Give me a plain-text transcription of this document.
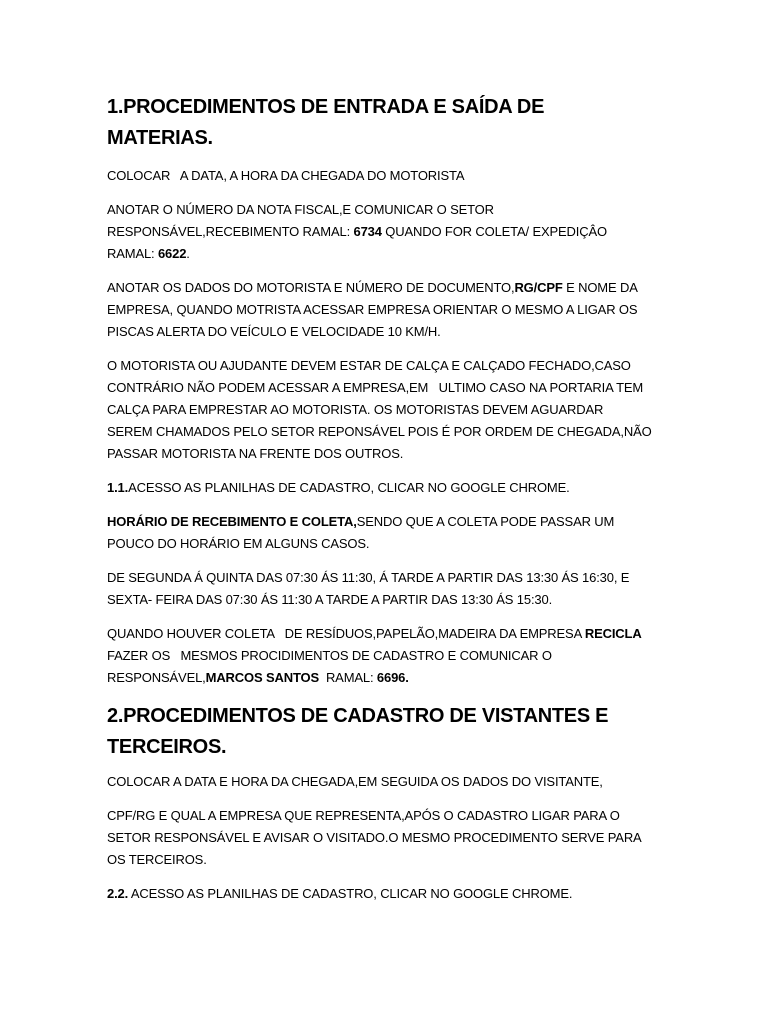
1.PROCEDIMENTOS DE ENTRADA E SAÍDA DE MATERIAS.

COLOCAR   A DATA, A HORA DA CHEGADA DO MOTORISTA

ANOTAR O NÚMERO DA NOTA FISCAL,E COMUNICAR O SETOR RESPONSÁVEL,RECEBIMENTO RAMAL: 6734 QUANDO FOR COLETA/ EXPEDIÇÂO RAMAL: 6622.

ANOTAR OS DADOS DO MOTORISTA E NÚMERO DE DOCUMENTO,RG/CPF E NOME DA EMPRESA, QUANDO MOTRISTA ACESSAR EMPRESA ORIENTAR O MESMO A LIGAR OS PISCAS ALERTA DO VEÍCULO E VELOCIDADE 10 KM/H.

O MOTORISTA OU AJUDANTE DEVEM ESTAR DE CALÇA E CALÇADO FECHADO,CASO CONTRÁRIO NÃO PODEM ACESSAR A EMPRESA,EM   ULTIMO CASO NA PORTARIA TEM CALÇA PARA EMPRESTAR AO MOTORISTA. OS MOTORISTAS DEVEM AGUARDAR   SEREM CHAMADOS PELO SETOR REPONSÁVEL POIS É POR ORDEM DE CHEGADA,NÃO PASSAR MOTORISTA NA FRENTE DOS OUTROS.

1.1.ACESSO AS PLANILHAS DE CADASTRO, CLICAR NO GOOGLE CHROME.

HORÁRIO DE RECEBIMENTO E COLETA,SENDO QUE A COLETA PODE PASSAR UM POUCO DO HORÁRIO EM ALGUNS CASOS.

DE SEGUNDA Á QUINTA DAS 07:30 ÁS 11:30, Á TARDE A PARTIR DAS 13:30 ÁS 16:30, E SEXTA- FEIRA DAS 07:30 ÁS 11:30 A TARDE A PARTIR DAS 13:30 ÁS 15:30.

QUANDO HOUVER COLETA   DE RESÍDUOS,PAPELÃO,MADEIRA DA EMPRESA RECICLA FAZER OS   MESMOS PROCIDIMENTOS DE CADASTRO E COMUNICAR O RESPONSÁVEL,MARCOS SANTOS  RAMAL: 6696.

2.PROCEDIMENTOS DE CADASTRO DE VISTANTES E TERCEIROS.

COLOCAR A DATA E HORA DA CHEGADA,EM SEGUIDA OS DADOS DO VISITANTE,

CPF/RG E QUAL A EMPRESA QUE REPRESENTA,APÓS O CADASTRO LIGAR PARA O SETOR RESPONSÁVEL E AVISAR O VISITADO.O MESMO PROCEDIMENTO SERVE PARA OS TERCEIROS.

2.2. ACESSO AS PLANILHAS DE CADASTRO, CLICAR NO GOOGLE CHROME.
